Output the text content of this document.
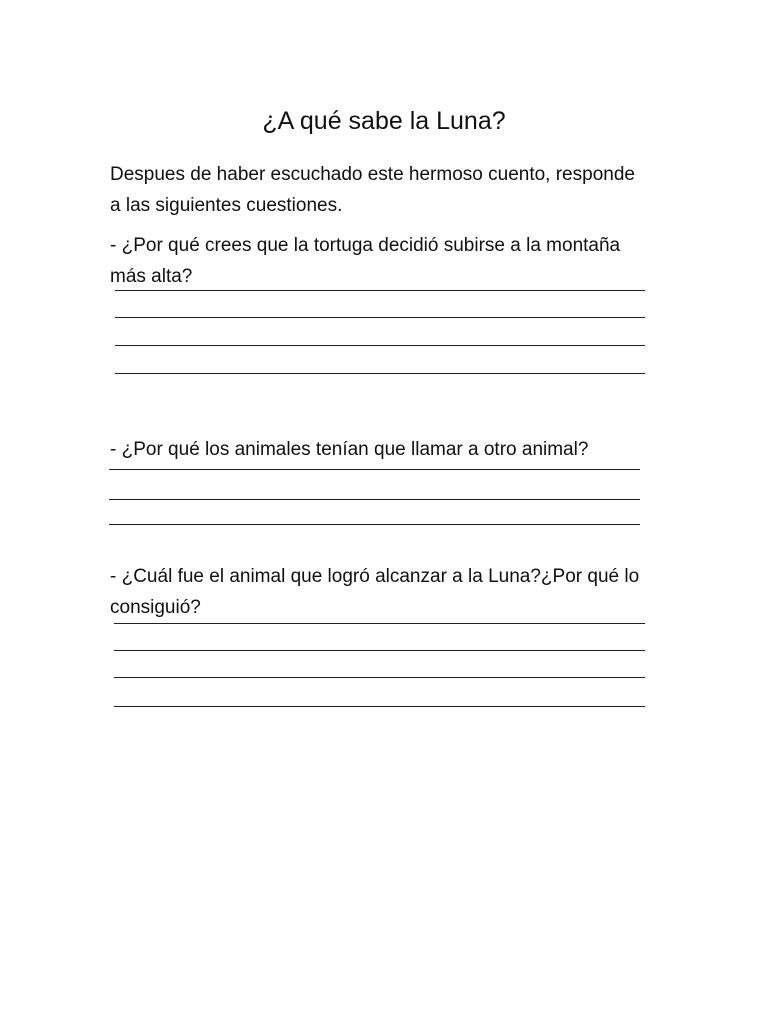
¿A qué sabe la Luna?

Despues de haber escuchado este hermoso cuento, responde a las siguientes cuestiones.

- ¿Por qué crees que la tortuga decidió subirse a la montaña más alta?

- ¿Por qué los animales tenían que llamar a otro animal?

- ¿Cuál fue el animal que logró alcanzar a la Luna?¿Por qué lo consiguió?
